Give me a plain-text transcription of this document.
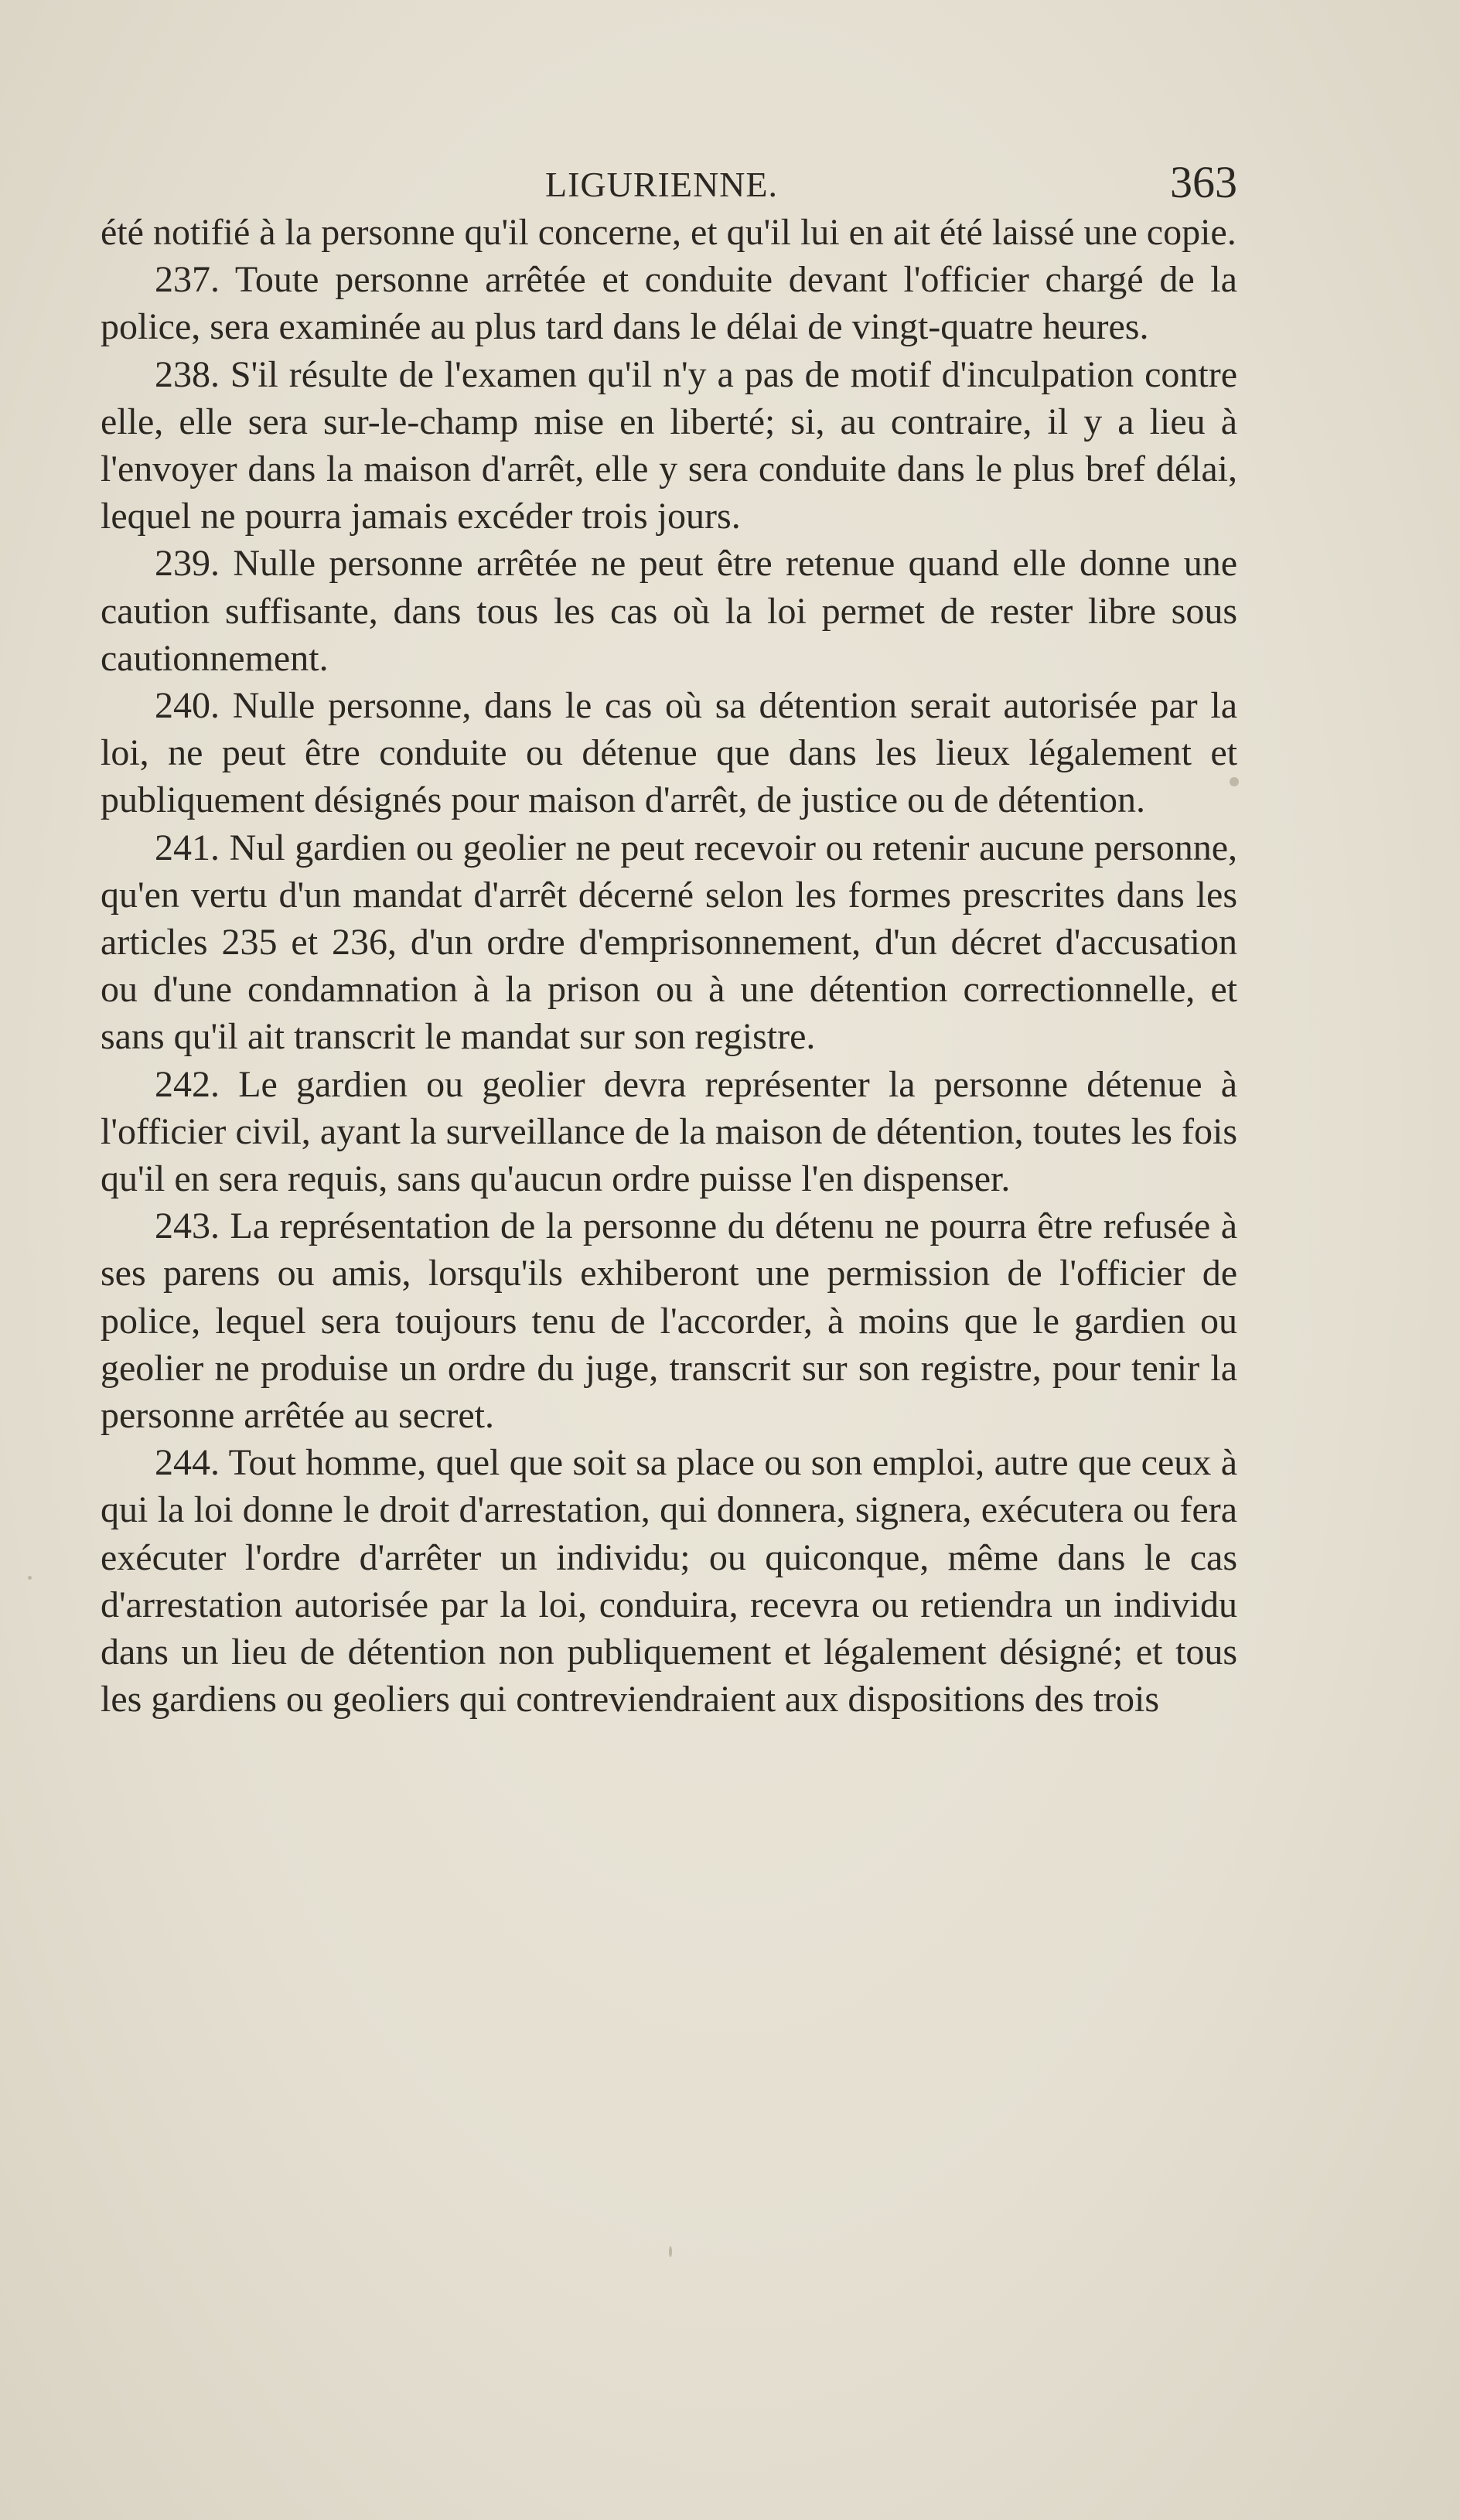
LIGURIENNE.	363

été notifié à la personne qu'il concerne, et qu'il lui en ait été laissé une copie.

237. Toute personne arrêtée et conduite devant l'officier chargé de la police, sera examinée au plus tard dans le délai de vingt-quatre heures.

238. S'il résulte de l'examen qu'il n'y a pas de motif d'inculpation contre elle, elle sera sur-le-champ mise en liberté; si, au contraire, il y a lieu à l'envoyer dans la maison d'arrêt, elle y sera conduite dans le plus bref délai, lequel ne pourra jamais excéder trois jours.

239. Nulle personne arrêtée ne peut être retenue quand elle donne une caution suffisante, dans tous les cas où la loi permet de rester libre sous cautionnement.

240. Nulle personne, dans le cas où sa détention serait autorisée par la loi, ne peut être conduite ou détenue que dans les lieux légalement et publiquement désignés pour maison d'arrêt, de justice ou de détention.

241. Nul gardien ou geolier ne peut recevoir ou retenir aucune personne, qu'en vertu d'un mandat d'arrêt décerné selon les formes prescrites dans les articles 235 et 236, d'un ordre d'emprisonnement, d'un décret d'accusation ou d'une condamnation à la prison ou à une détention correctionnelle, et sans qu'il ait transcrit le mandat sur son registre.

242. Le gardien ou geolier devra représenter la personne détenue à l'officier civil, ayant la surveillance de la maison de détention, toutes les fois qu'il en sera requis, sans qu'aucun ordre puisse l'en dispenser.

243. La représentation de la personne du détenu ne pourra être refusée à ses parens ou amis, lorsqu'ils exhiberont une permission de l'officier de police, lequel sera toujours tenu de l'accorder, à moins que le gardien ou geolier ne produise un ordre du juge, transcrit sur son registre, pour tenir la personne arrêtée au secret.

244. Tout homme, quel que soit sa place ou son emploi, autre que ceux à qui la loi donne le droit d'arrestation, qui donnera, signera, exécutera ou fera exécuter l'ordre d'arrêter un individu; ou quiconque, même dans le cas d'arrestation autorisée par la loi, conduira, recevra ou retiendra un individu dans un lieu de détention non publiquement et légalement désigné; et tous les gardiens ou geoliers qui contreviendraient aux dispositions des trois
